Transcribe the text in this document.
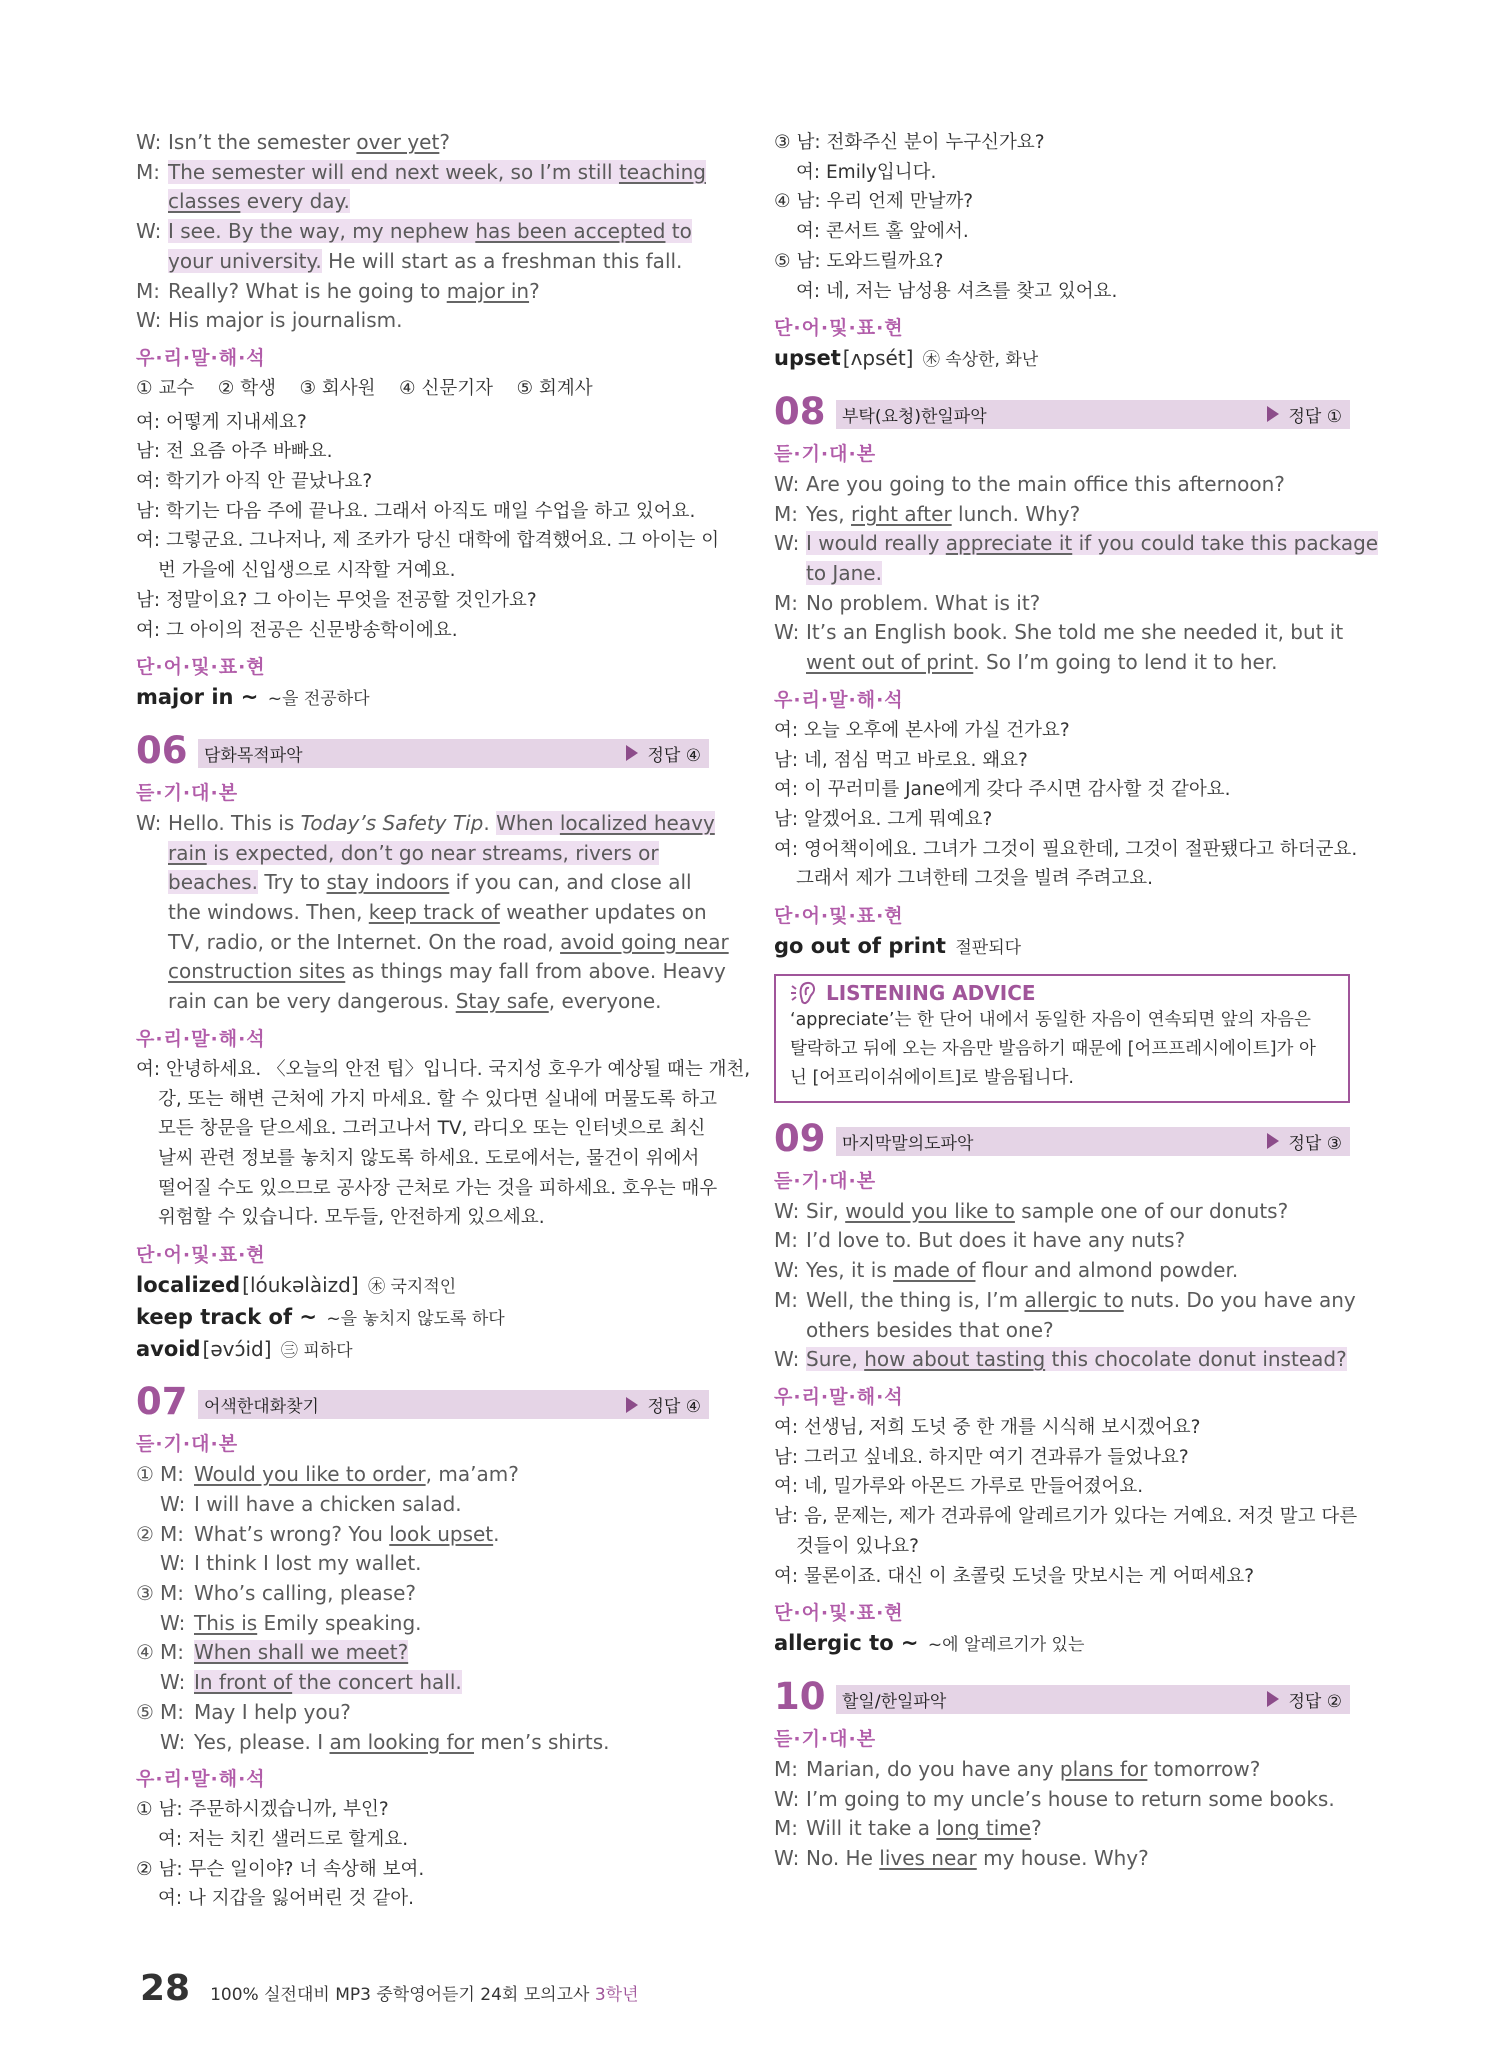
W: Isn’t the semester over yet?
M: The semester will end next week, so I’m still teaching
classes every day.
W: I see. By the way, my nephew has been accepted to
your university. He will start as a freshman this fall.
M: Really? What is he going to major in?
W: His major is journalism.
우·리·말·해·석
① 교수    ② 학생    ③ 회사원    ④ 신문기자    ⑤ 회계사
여: 어떻게 지내세요?
남: 전 요즘 아주 바빠요.
여: 학기가 아직 안 끝났나요?
남: 학기는 다음 주에 끝나요. 그래서 아직도 매일 수업을 하고 있어요.
여: 그렇군요. 그나저나, 제 조카가 당신 대학에 합격했어요. 그 아이는 이
번 가을에 신입생으로 시작할 거예요.
남: 정말이요? 그 아이는 무엇을 전공할 것인가요?
여: 그 아이의 전공은 신문방송학이에요.
단·어·및·표·현
major in ~ ~을 전공하다
06 담화목적파악	정답 ④
듣·기·대·본
W: Hello. This is Today’s Safety Tip. When localized heavy
rain is expected, don’t go near streams, rivers or
beaches. Try to stay indoors if you can, and close all
the windows. Then, keep track of weather updates on
TV, radio, or the Internet. On the road, avoid going near
construction sites as things may fall from above. Heavy
rain can be very dangerous. Stay safe, everyone.
우·리·말·해·석
여: 안녕하세요. 〈오늘의 안전 팁〉입니다. 국지성 호우가 예상될 때는 개천,
강, 또는 해변 근처에 가지 마세요. 할 수 있다면 실내에 머물도록 하고
모든 창문을 닫으세요. 그러고나서 TV, 라디오 또는 인터넷으로 최신
날씨 관련 정보를 놓치지 않도록 하세요. 도로에서는, 물건이 위에서
떨어질 수도 있으므로 공사장 근처로 가는 것을 피하세요. 호우는 매우
위험할 수 있습니다. 모두들, 안전하게 있으세요.
단·어·및·표·현
localized [lóukəlàizd] ㊍ 국지적인
keep track of ~ ~을 놓치지 않도록 하다
avoid [əvɔ́id] ㊂ 피하다
07 어색한대화찾기	정답 ④
듣·기·대·본
① M: Would you like to order, ma’am?
W: I will have a chicken salad.
② M: What’s wrong? You look upset.
W: I think I lost my wallet.
③ M: Who’s calling, please?
W: This is Emily speaking.
④ M: When shall we meet?
W: In front of the concert hall.
⑤ M: May I help you?
W: Yes, please. I am looking for men’s shirts.
우·리·말·해·석
① 남: 주문하시겠습니까, 부인?
여: 저는 치킨 샐러드로 할게요.
② 남: 무슨 일이야? 너 속상해 보여.
여: 나 지갑을 잃어버린 것 같아.
③ 남: 전화주신 분이 누구신가요?
여: Emily입니다.
④ 남: 우리 언제 만날까?
여: 콘서트 홀 앞에서.
⑤ 남: 도와드릴까요?
여: 네, 저는 남성용 셔츠를 찾고 있어요.
단·어·및·표·현
upset [ʌpsét] ㊍ 속상한, 화난
08 부탁(요청)한일파악	정답 ①
듣·기·대·본
W: Are you going to the main office this afternoon?
M: Yes, right after lunch. Why?
W: I would really appreciate it if you could take this package
to Jane.
M: No problem. What is it?
W: It’s an English book. She told me she needed it, but it
went out of print. So I’m going to lend it to her.
우·리·말·해·석
여: 오늘 오후에 본사에 가실 건가요?
남: 네, 점심 먹고 바로요. 왜요?
여: 이 꾸러미를 Jane에게 갖다 주시면 감사할 것 같아요.
남: 알겠어요. 그게 뭐예요?
여: 영어책이에요. 그녀가 그것이 필요한데, 그것이 절판됐다고 하더군요.
그래서 제가 그녀한테 그것을 빌려 주려고요.
단·어·및·표·현
go out of print 절판되다
LISTENING ADVICE
‘appreciate’는 한 단어 내에서 동일한 자음이 연속되면 앞의 자음은
탈락하고 뒤에 오는 자음만 발음하기 때문에 [어프프레시에이트]가 아
닌 [어프리이쉬에이트]로 발음됩니다.
09 마지막말의도파악	정답 ③
듣·기·대·본
W: Sir, would you like to sample one of our donuts?
M: I’d love to. But does it have any nuts?
W: Yes, it is made of flour and almond powder.
M: Well, the thing is, I’m allergic to nuts. Do you have any
others besides that one?
W: Sure, how about tasting this chocolate donut instead?
우·리·말·해·석
여: 선생님, 저희 도넛 중 한 개를 시식해 보시겠어요?
남: 그러고 싶네요. 하지만 여기 견과류가 들었나요?
여: 네, 밀가루와 아몬드 가루로 만들어졌어요.
남: 음, 문제는, 제가 견과류에 알레르기가 있다는 거예요. 저것 말고 다른
것들이 있나요?
여: 물론이죠. 대신 이 초콜릿 도넛을 맛보시는 게 어떠세요?
단·어·및·표·현
allergic to ~ ~에 알레르기가 있는
10 할일/한일파악	정답 ②
듣·기·대·본
M: Marian, do you have any plans for tomorrow?
W: I’m going to my uncle’s house to return some books.
M: Will it take a long time?
W: No. He lives near my house. Why?
28 100% 실전대비 MP3 중학영어듣기 24회 모의고사 3학년
